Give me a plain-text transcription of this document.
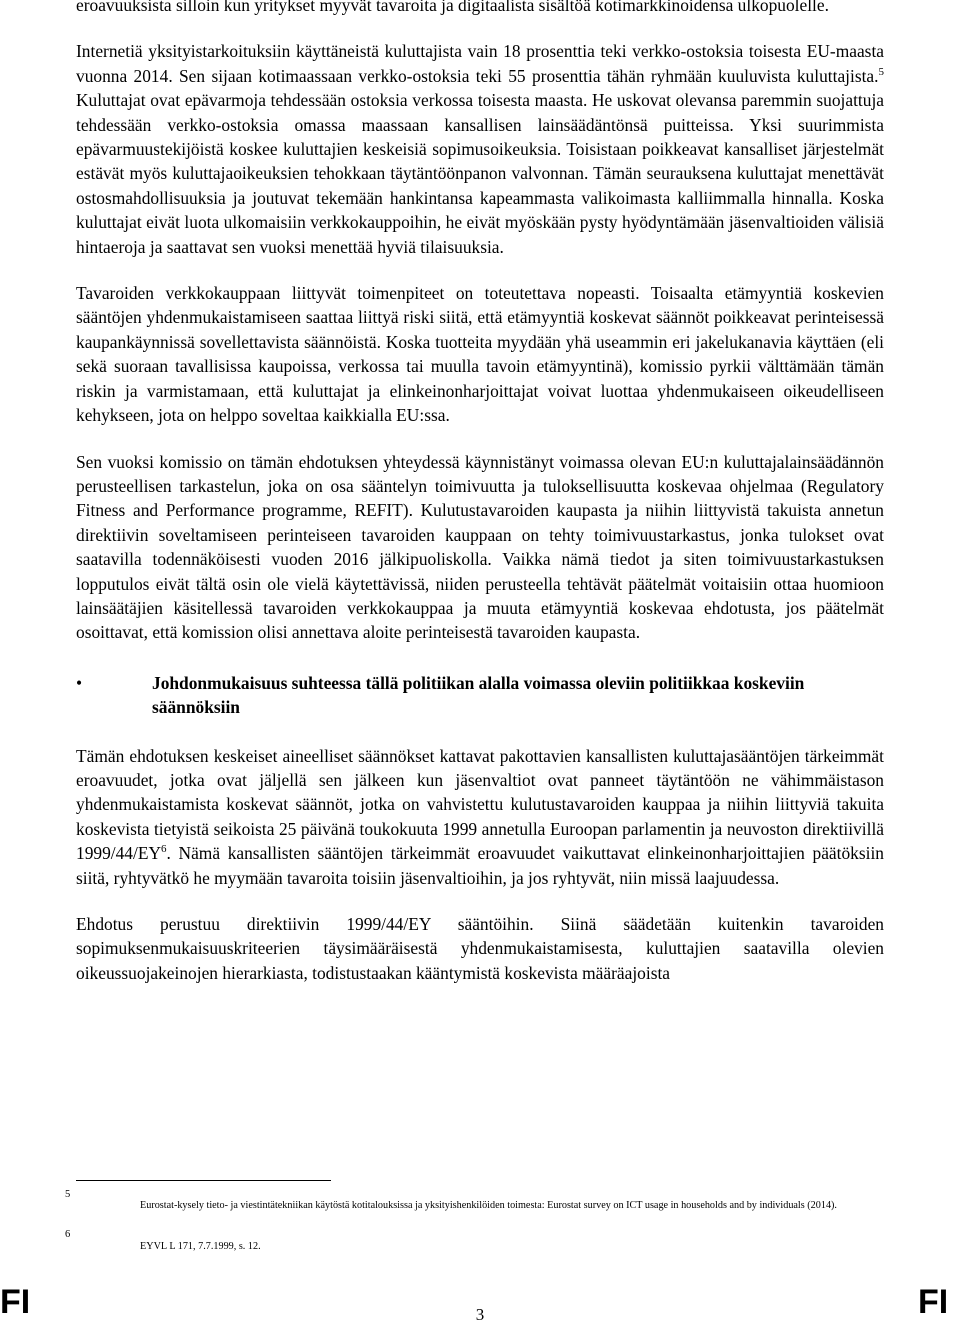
eroavuuksista silloin kun yritykset myyvät tavaroita ja digitaalista sisältöä kotimarkkinoidensa ulkopuolelle.

Internetiä yksityistarkoituksiin käyttäneistä kuluttajista vain 18 prosenttia teki verkko-ostoksia toisesta EU-maasta vuonna 2014. Sen sijaan kotimaassaan verkko-ostoksia teki 55 prosenttia tähän ryhmään kuuluvista kuluttajista.$^5$ Kuluttajat ovat epävarmoja tehdessään ostoksia verkossa toisesta maasta. He uskovat olevansa paremmin suojattuja tehdessään verkko-ostoksia omassa maassaan kansallisen lainsäädäntönsä puitteissa. Yksi suurimmista epävarmuustekijöistä koskee kuluttajien keskeisiä sopimusoikeuksia. Toisistaan poikkeavat kansalliset järjestelmät estävät myös kuluttajaoikeuksien tehokkaan täytäntöönpanon valvonnan. Tämän seurauksena kuluttajat menettävät ostosmahdollisuuksia ja joutuvat tekemään hankintansa kapeammasta valikoimasta kalliimmalla hinnalla. Koska kuluttajat eivät luota ulkomaisiin verkkokauppoihin, he eivät myöskään pysty hyödyntämään jäsenvaltioiden välisiä hintaeroja ja saattavat sen vuoksi menettää hyviä tilaisuuksia.

Tavaroiden verkkokauppaan liittyvät toimenpiteet on toteutettava nopeasti. Toisaalta etämyyntiä koskevien sääntöjen yhdenmukaistamiseen saattaa liittyä riski siitä, että etämyyntiä koskevat säännöt poikkeavat perinteisessä kaupankäynnissä sovellettavista säännöistä. Koska tuotteita myydään yhä useammin eri jakelukanavia käyttäen (eli sekä suoraan tavallisissa kaupoissa, verkossa tai muulla tavoin etämyyntinä), komissio pyrkii välttämään tämän riskin ja varmistamaan, että kuluttajat ja elinkeinonharjoittajat voivat luottaa yhdenmukaiseen oikeudelliseen kehykseen, jota on helppo soveltaa kaikkialla EU:ssa.

Sen vuoksi komissio on tämän ehdotuksen yhteydessä käynnistänyt voimassa olevan EU:n kuluttajalainsäädännön perusteellisen tarkastelun, joka on osa sääntelyn toimivuutta ja tuloksellisuutta koskevaa ohjelmaa (Regulatory Fitness and Performance programme, REFIT). Kulutustavaroiden kaupasta ja niihin liittyvistä takuista annetun direktiivin soveltamiseen perinteiseen tavaroiden kauppaan on tehty toimivuustarkastus, jonka tulokset ovat saatavilla todennäköisesti vuoden 2016 jälkipuoliskolla. Vaikka nämä tiedot ja siten toimivuustarkastuksen lopputulos eivät tältä osin ole vielä käytettävissä, niiden perusteella tehtävät päätelmät voitaisiin ottaa huomioon lainsäätäjien käsitellessä tavaroiden verkkokauppaa ja muuta etämyyntiä koskevaa ehdotusta, jos päätelmät osoittavat, että komission olisi annettava aloite perinteisestä tavaroiden kaupasta.

•	Johdonmukaisuus suhteessa tällä politiikan alalla voimassa oleviin politiikkaa koskeviin säännöksiin

Tämän ehdotuksen keskeiset aineelliset säännökset kattavat pakottavien kansallisten kuluttajasääntöjen tärkeimmät eroavuudet, jotka ovat jäljellä sen jälkeen kun jäsenvaltiot ovat panneet täytäntöön ne vähimmäistason yhdenmukaistamista koskevat säännöt, jotka on vahvistettu kulutustavaroiden kauppaa ja niihin liittyviä takuita koskevista tietyistä seikoista 25 päivänä toukokuuta 1999 annetulla Euroopan parlamentin ja neuvoston direktiivillä $1999/44/EY^6$. Nämä kansallisten sääntöjen tärkeimmät eroavuudet vaikuttavat elinkeinonharjoittajien päätöksiin siitä, ryhtyvätkö he myymään tavaroita toisiin jäsenvaltioihin, ja jos ryhtyvät, niin missä laajuudessa.

Ehdotus perustuu direktiivin 1999/44/EY sääntöihin. Siinä säädetään kuitenkin tavaroiden sopimuksenmukaisuuskriteerien täysimääräisestä yhdenmukaistamisesta, kuluttajien saatavilla olevien oikeussuojakeinojen hierarkiasta, todistustaakan kääntymistä koskevista määräajoista

5
Eurostat-kysely tieto- ja viestintätekniikan käytöstä kotitalouksissa ja yksityishenkilöiden toimesta: Eurostat survey on ICT usage in households and by individuals (2014).
6
EYVL L 171, 7.7.1999, s. 12.
FI	3	FI
